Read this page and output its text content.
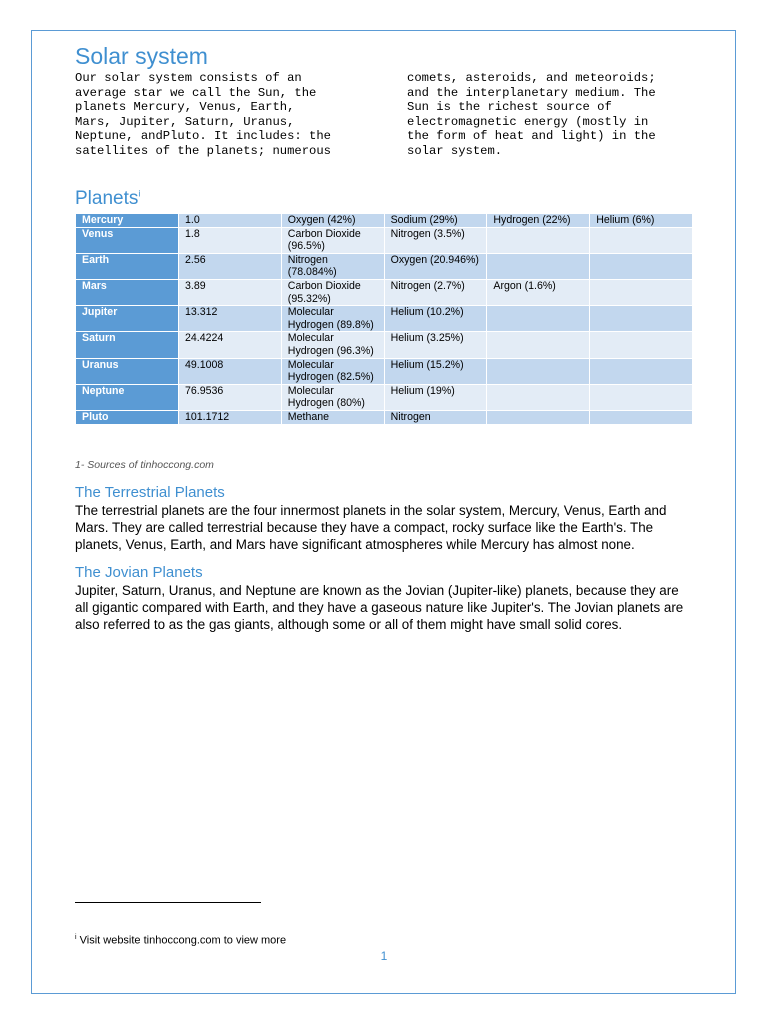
Solar system
Our solar system consists of an
average star we call the Sun, the
planets Mercury, Venus, Earth,
Mars, Jupiter, Saturn, Uranus,
Neptune, andPluto. It includes: the
satellites of the planets; numerous
comets, asteroids, and meteoroids;
and the interplanetary medium. The
Sun is the richest source of
electromagnetic energy (mostly in
the form of heat and light) in the
solar system.
Planets$^i$
Mercury	1.0	Oxygen (42%)	Sodium (29%)	Hydrogen (22%)	Helium (6%)
Venus	1.8	Carbon Dioxide (96.5%)	Nitrogen (3.5%)		
Earth	2.56	Nitrogen (78.084%)	Oxygen (20.946%)		
Mars	3.89	Carbon Dioxide (95.32%)	Nitrogen (2.7%)	Argon (1.6%)	
Jupiter	13.312	Molecular Hydrogen (89.8%)	Helium (10.2%)		
Saturn	24.4224	Molecular Hydrogen (96.3%)	Helium (3.25%)		
Uranus	49.1008	Molecular Hydrogen (82.5%)	Helium (15.2%)		
Neptune	76.9536	Molecular Hydrogen (80%)	Helium (19%)		
Pluto	101.1712	Methane	Nitrogen		
1- Sources of tinhoccong.com
The Terrestrial Planets

The terrestrial planets are the four innermost planets in the solar system, Mercury, Venus, Earth and Mars. They are called terrestrial because they have a compact, rocky surface like the Earth's. The planets, Venus, Earth, and Mars have significant atmospheres while Mercury has almost none.

The Jovian Planets

Jupiter, Saturn, Uranus, and Neptune are known as the Jovian (Jupiter-like) planets, because they are all gigantic compared with Earth, and they have a gaseous nature like Jupiter's. The Jovian planets are also referred to as the gas giants, although some or all of them might have small solid cores.

$^i$ Visit website tinhoccong.com to view more
1
